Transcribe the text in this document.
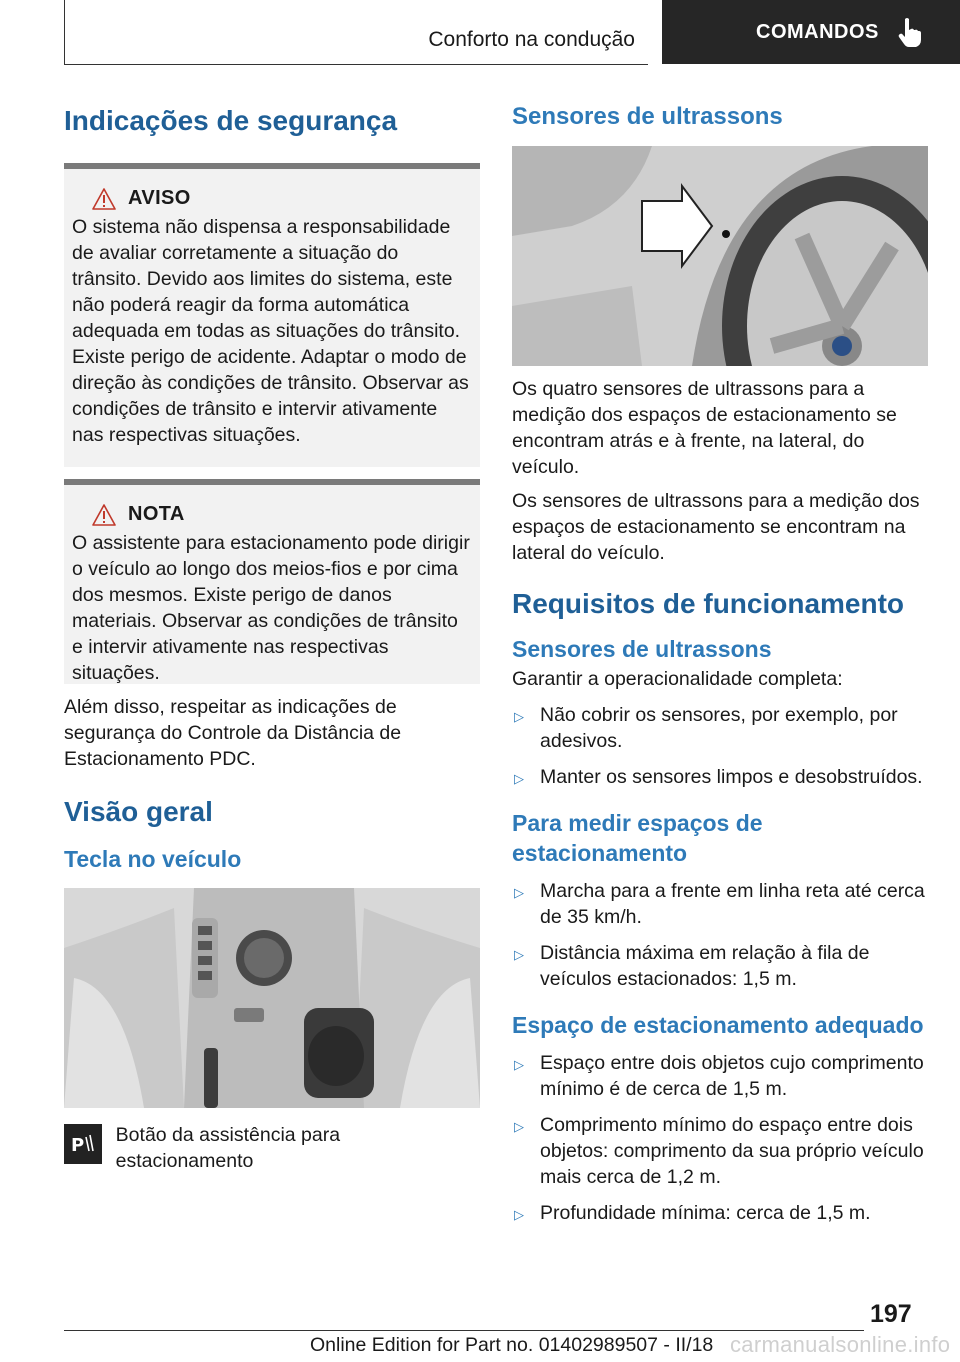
Conforto na condução	COMANDOS
Indicações de segurança
AVISO

O sistema não dispensa a responsabilidade de avaliar corretamente a situação do trânsito. Devido aos limites do sistema, este não poderá reagir da forma automática adequada em todas as situações do trânsito. Existe perigo de acidente. Adaptar o modo de direção às condições de trânsito. Observar as condições de trânsito e intervir ativamente nas respectivas situações.

NOTA

O assistente para estacionamento pode dirigir o veículo ao longo dos meios-fios e por cima dos mesmos. Existe perigo de danos materiais. Observar as condições de trânsito e intervir ativamente nas respectivas situações.

Além disso, respeitar as indicações de segurança do Controle da Distância de Estacionamento PDC.

Visão geral
Tecla no veículo
P Botão da assistência para estacionamento

Sensores de ultrassons

Os quatro sensores de ultrassons para a medição dos espaços de estacionamento se encontram atrás e à frente, na lateral, do veículo.

Os sensores de ultrassons para a medição dos espaços de estacionamento se encontram na lateral do veículo.

Requisitos de funcionamento
Sensores de ultrassons

Garantir a operacionalidade completa:

▷ Não cobrir os sensores, por exemplo, por adesivos.
▷ Manter os sensores limpos e desobstruídos.
Para medir espaços de estacionamento
▷ Marcha para a frente em linha reta até cerca de 35 km/h.
▷ Distância máxima em relação à fila de veículos estacionados: 1,5 m.
Espaço de estacionamento adequado
▷ Espaço entre dois objetos cujo comprimento mínimo é de cerca de 1,5 m.
▷ Comprimento mínimo do espaço entre dois objetos: comprimento da sua próprio veículo mais cerca de 1,2 m.
▷ Profundidade mínima: cerca de 1,5 m.
197
Online Edition for Part no. 01402989507 - II/18 carmanualsonline.info
